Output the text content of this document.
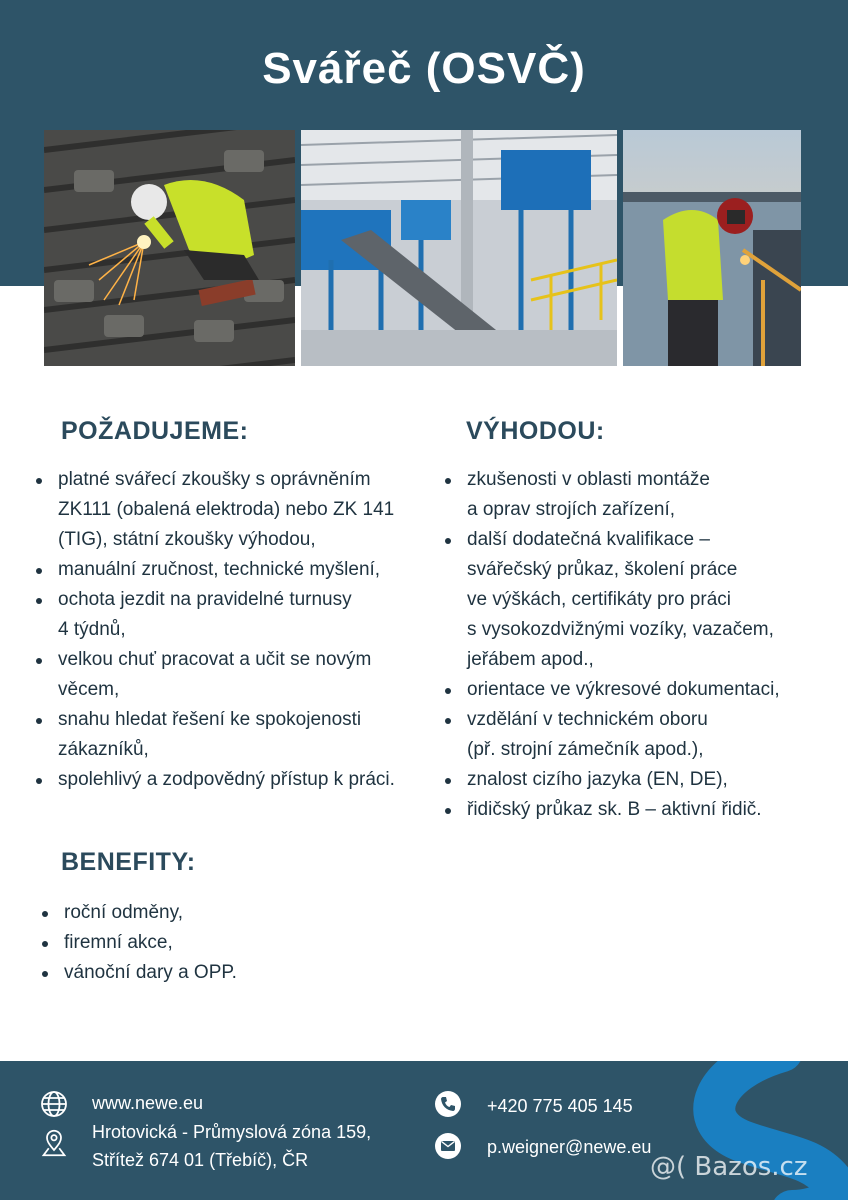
Svářeč (OSVČ)
POŽADUJEME:
platné svářecí zkoušky s oprávněním
ZK111 (obalená elektroda) nebo ZK 141
(TIG), státní zkoušky výhodou,
manuální zručnost, technické myšlení,
ochota jezdit na pravidelné turnusy
4 týdnů,
velkou chuť pracovat a učit se novým
věcem,
snahu hledat řešení ke spokojenosti
zákazníků,
spolehlivý a zodpovědný přístup k práci.
VÝHODOU:
zkušenosti v oblasti montáže
a oprav strojích zařízení,
další dodatečná kvalifikace –
svářečský průkaz, školení práce
ve výškách, certifikáty pro práci
s vysokozdvižnými vozíky, vazačem,
jeřábem apod.,
orientace ve výkresové dokumentaci,
vzdělání v technickém oboru
(př. strojní zámečník apod.),
znalost cizího jazyka (EN, DE),
řidičský průkaz sk. B – aktivní řidič.
BENEFITY:
roční odměny,
firemní akce,
vánoční dary a OPP.
www.newe.eu
Hrotovická - Průmyslová zóna 159,
Střítež 674 01 (Třebíč), ČR
+420 775 405 145
p.weigner@newe.eu
@( Bazos.cz
